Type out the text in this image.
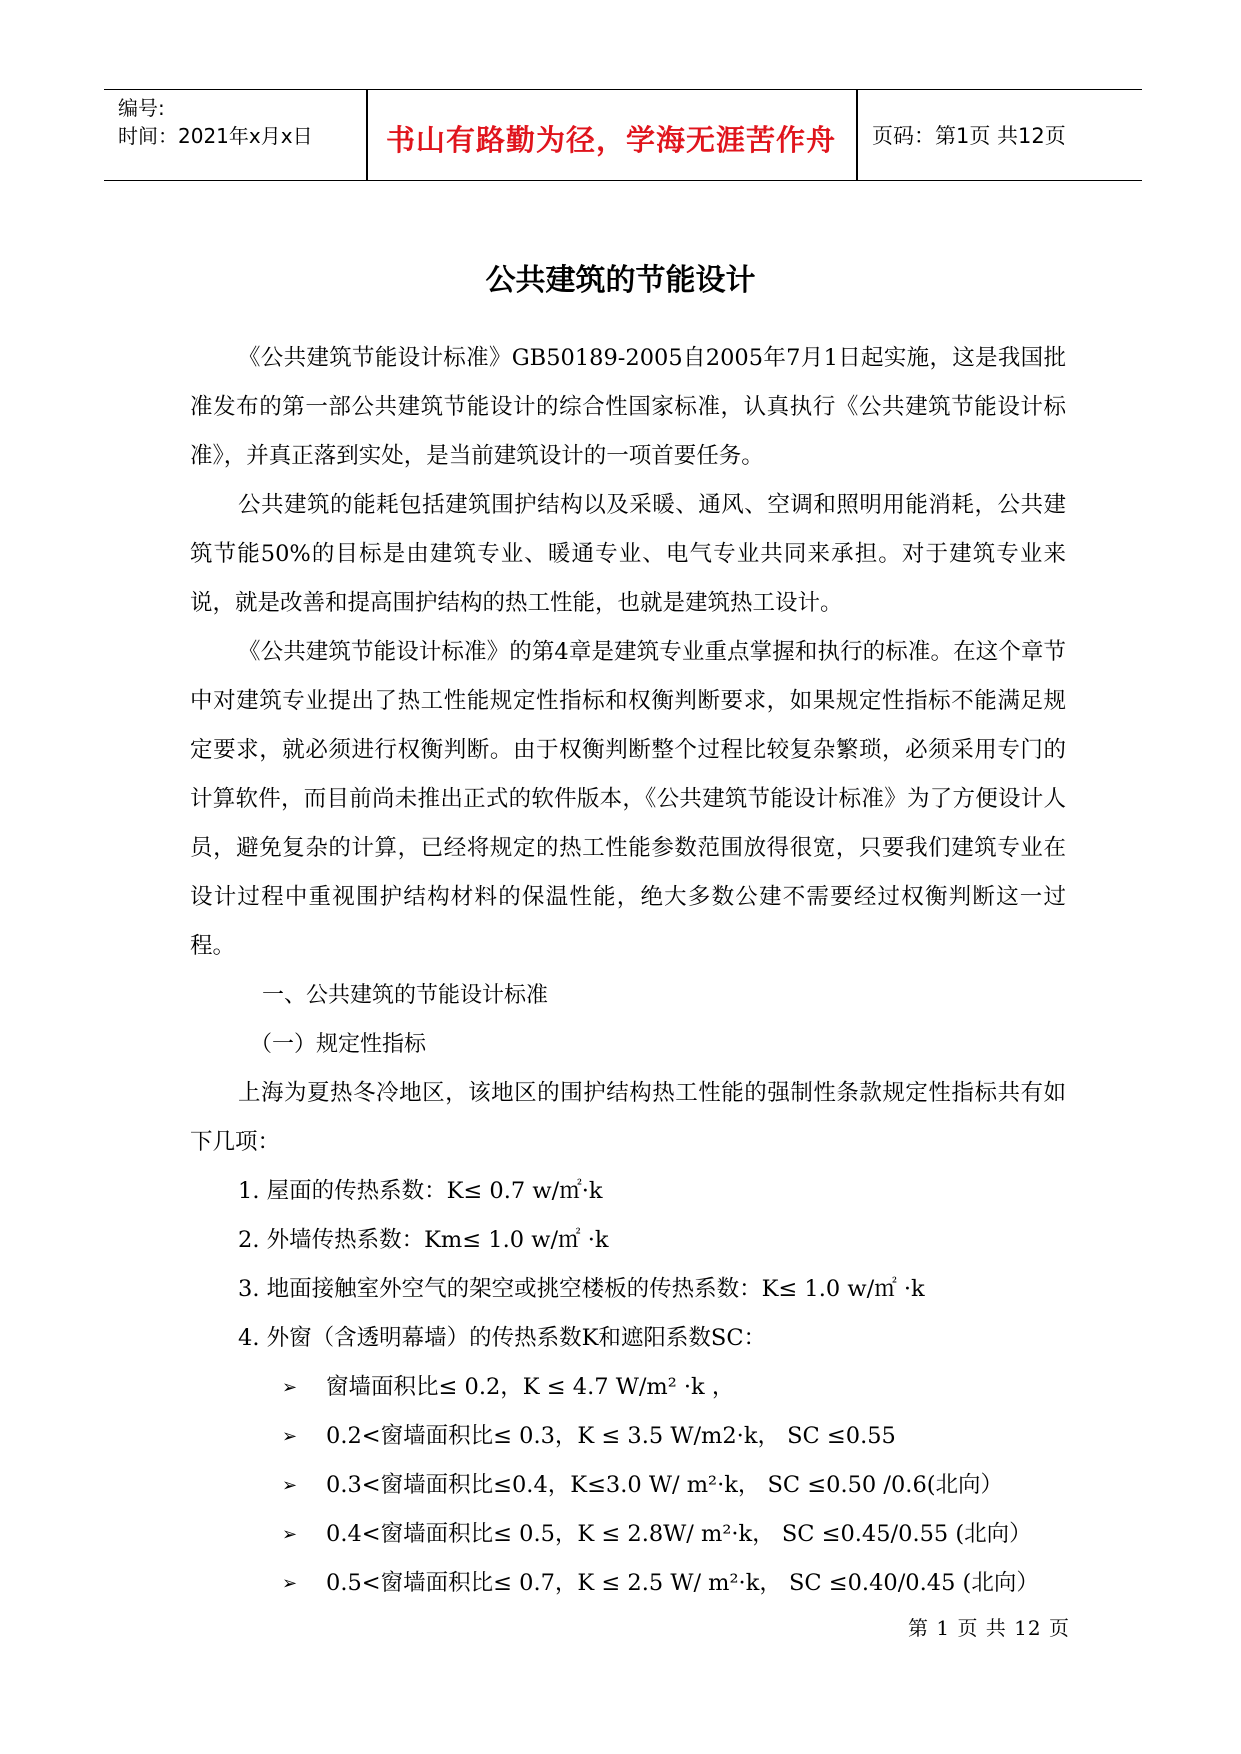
编号:
时间：2021年x月x日	书山有路勤为径，学海无涯苦作舟	页码：第1页 共12页
公共建筑的节能设计

《公共建筑节能设计标准》GB50189-2005自2005年7月1日起实施，这是我国批准发布的第一部公共建筑节能设计的综合性国家标准，认真执行《公共建筑节能设计标准》，并真正落到实处，是当前建筑设计的一项首要任务。

公共建筑的能耗包括建筑围护结构以及采暖、通风、空调和照明用能消耗，公共建筑节能50%的目标是由建筑专业、暖通专业、电气专业共同来承担。对于建筑专业来说，就是改善和提高围护结构的热工性能，也就是建筑热工设计。

《公共建筑节能设计标准》的第4章是建筑专业重点掌握和执行的标准。在这个章节中对建筑专业提出了热工性能规定性指标和权衡判断要求，如果规定性指标不能满足规定要求，就必须进行权衡判断。由于权衡判断整个过程比较复杂繁琐，必须采用专门的计算软件，而目前尚未推出正式的软件版本，《公共建筑节能设计标准》为了方便设计人员，避免复杂的计算，已经将规定的热工性能参数范围放得很宽，只要我们建筑专业在设计过程中重视围护结构材料的保温性能，绝大多数公建不需要经过权衡判断这一过程。

一、公共建筑的节能设计标准

（一）规定性指标

上海为夏热冬冷地区，该地区的围护结构热工性能的强制性条款规定性指标共有如下几项：

1. 屋面的传热系数：K≤ 0.7 w/㎡·k

2. 外墙传热系数：Km≤ 1.0 w/㎡ ·k

3. 地面接触室外空气的架空或挑空楼板的传热系数：K≤ 1.0 w/㎡ ·k

4. 外窗（含透明幕墙）的传热系数K和遮阳系数SC：

➢ 窗墙面积比≤ 0.2，K ≤ 4.7 W/m² ·k ，
➢ 0.2<窗墙面积比≤ 0.3，K ≤ 3.5 W/m2·k， SC ≤0.55
➢ 0.3<窗墙面积比≤0.4，K≤3.0 W/ m²·k， SC ≤0.50 /0.6(北向）
➢ 0.4<窗墙面积比≤ 0.5，K ≤ 2.8W/ m²·k， SC ≤0.45/0.55 (北向）
➢ 0.5<窗墙面积比≤ 0.7，K ≤ 2.5 W/ m²·k， SC ≤0.40/0.45 (北向）
第 1 页 共 12 页
